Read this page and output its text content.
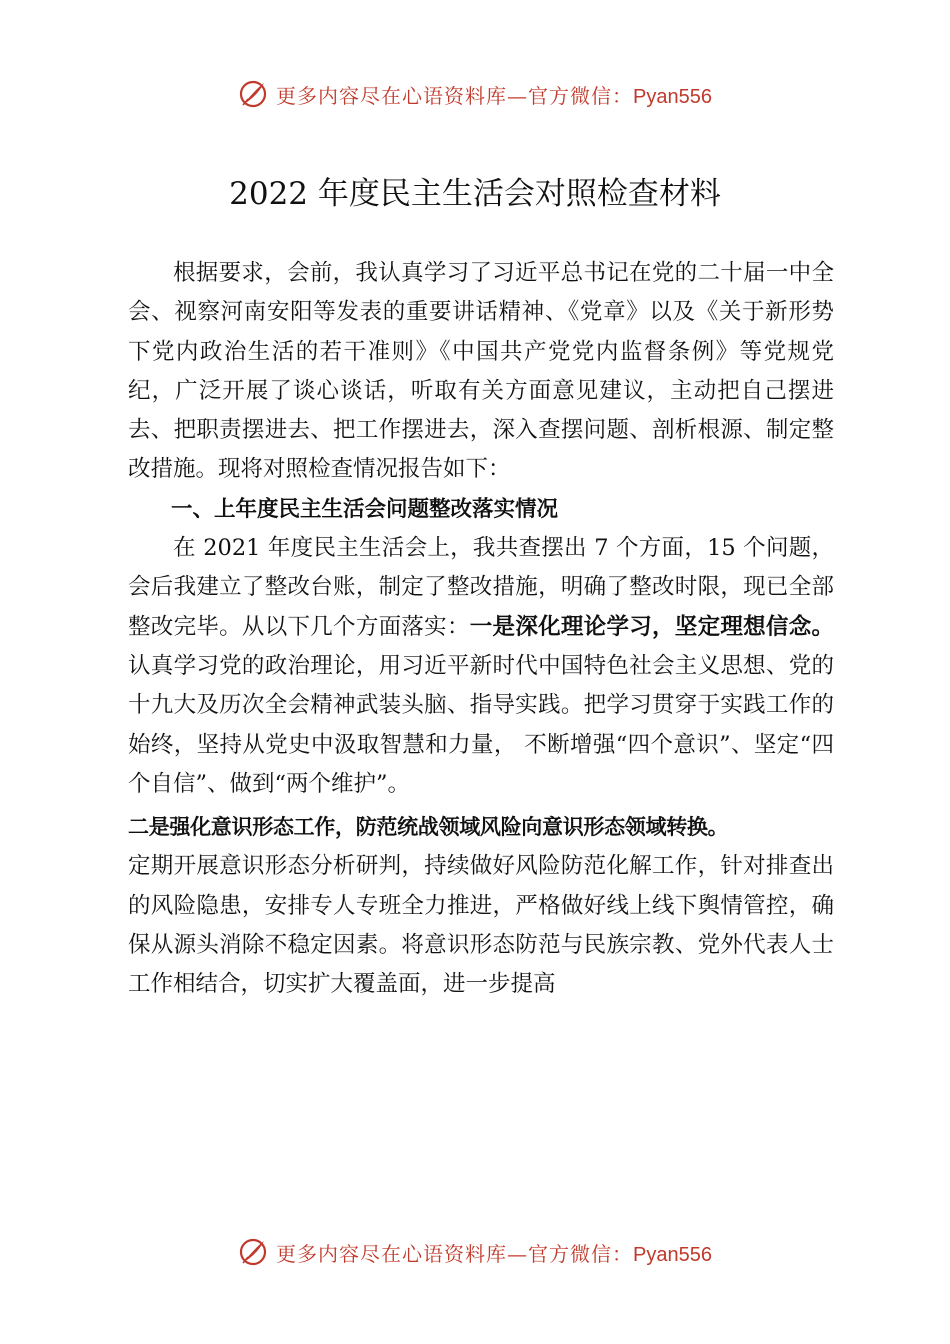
更多内容尽在心语资料库—官方微信：Pyan556
2022 年度民主生活会对照检查材料

根据要求，会前，我认真学习了习近平总书记在党的二十届一中全会、视察河南安阳等发表的重要讲话精神、《党章》以及《关于新形势下党内政治生活的若干准则》《中国共产党党内监督条例》等党规党纪，广泛开展了谈心谈话，听取有关方面意见建议，主动把自己摆进去、把职责摆进去、把工作摆进去，深入查摆问题、剖析根源、制定整改措施。现将对照检查情况报告如下：

一、上年度民主生活会问题整改落实情况

在 2021 年度民主生活会上，我共查摆出 7 个方面，15 个问题，会后我建立了整改台账，制定了整改措施，明确了整改时限，现已全部整改完毕。从以下几个方面落实：一是深化理论学习，坚定理想信念。认真学习党的政治理论，用习近平新时代中国特色社会主义思想、党的十九大及历次全会精神武装头脑、指导实践。把学习贯穿于实践工作的始终，坚持从党史中汲取智慧和力量， 不断增强“四个意识”、坚定“四个自信”、做到“两个维护”。

二是强化意识形态工作，防范统战领域风险向意识形态领域转换。

定期开展意识形态分析研判，持续做好风险防范化解工作，针对排查出的风险隐患，安排专人专班全力推进，严格做好线上线下舆情管控，确保从源头消除不稳定因素。将意识形态防范与民族宗教、党外代表人士工作相结合，切实扩大覆盖面，进一步提高

更多内容尽在心语资料库—官方微信：Pyan556
